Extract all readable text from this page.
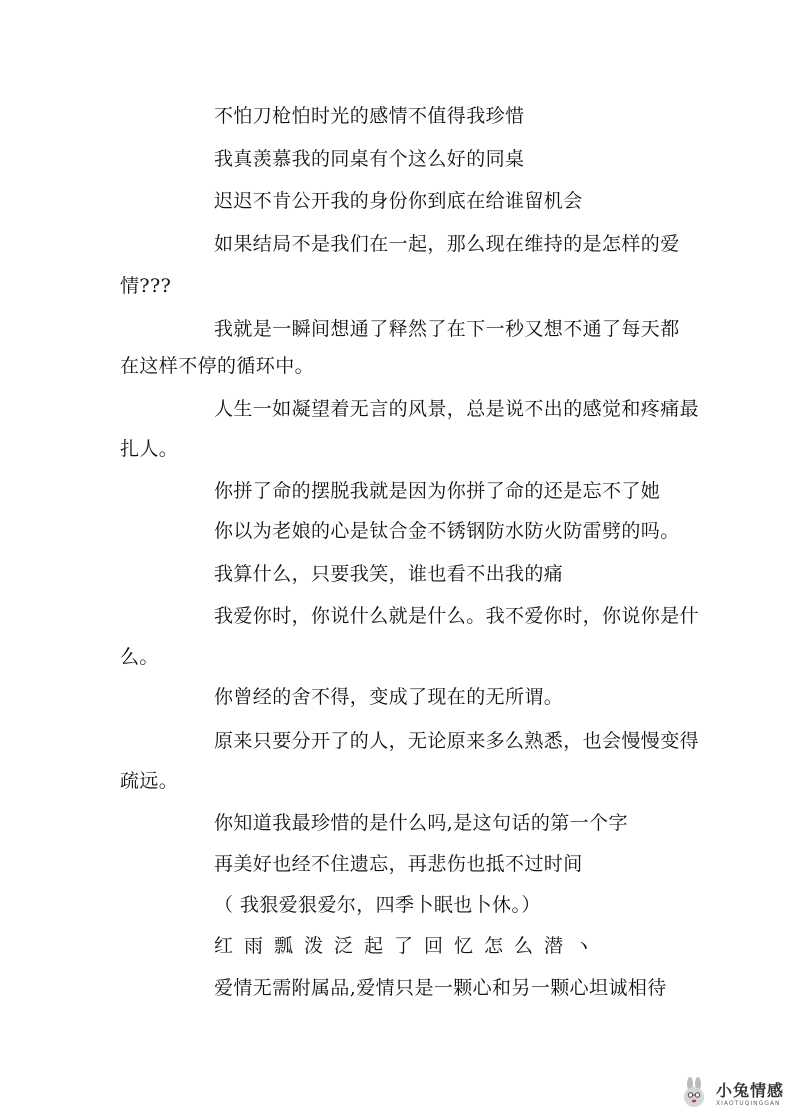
不怕刀枪怕时光的感情不值得我珍惜
我真羡慕我的同桌有个这么好的同桌
迟迟不肯公开我的身份你到底在给谁留机会
如果结局不是我们在一起，那么现在维持的是怎样的爱
情???
我就是一瞬间想通了释然了在下一秒又想不通了每天都
在这样不停的循环中。
人生一如凝望着无言的风景，总是说不出的感觉和疼痛最
扎人。
你拼了命的摆脱我就是因为你拼了命的还是忘不了她
你以为老娘的心是钛合金不锈钢防水防火防雷劈的吗。
我算什么，只要我笑，谁也看不出我的痛
我爱你时，你说什么就是什么。我不爱你时，你说你是什
么。
你曾经的舍不得，变成了现在的无所谓。
原来只要分开了的人，无论原来多么熟悉，也会慢慢变得
疏远。
你知道我最珍惜的是什么吗,是这句话的第一个字
再美好也经不住遗忘，再悲伤也抵不过时间
（ 我狠爱狠爱尔，四季卜眠也卜休。）
红雨瓢泼泛起了回忆怎么潜ヽ
爱情无需附属品,爱情只是一颗心和另一颗心坦诚相待
小兔情感
XIAOTUQINGGAN
